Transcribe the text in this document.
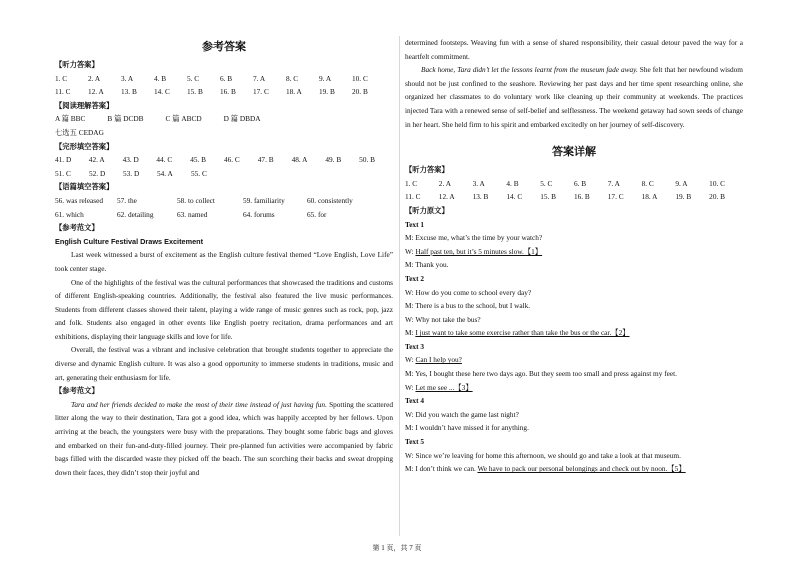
参考答案
【听力答案】
1. C	2. A	3. A	4. B	5. C	6. B	7. A	8. C	9. A	10. C
11. C	12. A	13. B	14. C	15. B	16. B	17. C	18. A	19. B	20. B
【阅读理解答案】
A 篇 BBC	B 篇 DCDB	C 篇 ABCD	D 篇 DBDA
七选五 CEDAG
【完形填空答案】
41. D	42. A	43. D	44. C	45. B	46. C	47. B	48. A	49. B	50. B
51. C	52. D	53. D	54. A	55. C
【语篇填空答案】
56. was released	57. the	58. to collect	59. familiarity	60. consistently
61. which	62. detailing	63. named	64. forums	65. for
【参考范文】
English Culture Festival Draws Excitement

Last week witnessed a burst of excitement as the English culture festival themed “Love English, Love Life” took center stage.

One of the highlights of the festival was the cultural performances that showcased the traditions and customs of different English-speaking countries. Additionally, the festival also featured the live music performances. Students from different classes showed their talent, playing a wide range of music genres such as rock, pop, jazz and folk. Students also engaged in other events like English poetry recitation, drama performances and art exhibitions, displaying their language skills and love for life.

Overall, the festival was a vibrant and inclusive celebration that brought students together to appreciate the diverse and dynamic English culture. It was also a good opportunity to immerse students in traditions, music and art, generating their enthusiasm for life.

【参考范文】

Tara and her friends decided to make the most of their time instead of just having fun. Spotting the scattered litter along the way to their destination, Tara got a good idea, which was happily accepted by her fellows. Upon arriving at the beach, the youngsters were busy with the preparations. They bought some fabric bags and gloves and embarked on their fun-and-duty-filled journey. Their pre-planned fun activities were accompanied by fabric bags filled with the discarded waste they picked off the beach. The sun scorching their backs and sweat dropping down their faces, they didn’t stop their joyful and

determined footsteps. Weaving fun with a sense of shared responsibility, their casual detour paved the way for a heartfelt commitment.

Back home, Tara didn’t let the lessons learnt from the museum fade away. She felt that her newfound wisdom should not be just confined to the seashore. Reviewing her past days and her time spent researching online, she organized her classmates to do voluntary work like cleaning up their community at weekends. The practices injected Tara with a renewed sense of self-belief and selflessness. The weekend getaway had sown seeds of change in her heart. She held firm to his spirit and embarked excitedly on her journey of self-discovery.

答案详解
【听力答案】
1. C	2. A	3. A	4. B	5. C	6. B	7. A	8. C	9. A	10. C
11. C	12. A	13. B	14. C	15. B	16. B	17. C	18. A	19. B	20. B
【听力原文】
Text 1
M: Excuse me, what’s the time by your watch?
W: Half past ten, but it’s 5 minutes slow.【1】
M: Thank you.
Text 2
W: How do you come to school every day?
M: There is a bus to the school, but I walk.
W: Why not take the bus?
M: I just want to take some exercise rather than take the bus or the car.【2】
Text 3
W: Can I help you?
M: Yes, I bought these here two days ago. But they seem too small and press against my feet.
W: Let me see ...【3】
Text 4
W: Did you watch the game last night?
M: I wouldn’t have missed it for anything.
Text 5
W: Since we’re leaving for home this afternoon, we should go and take a look at that museum.
M: I don’t think we can. We have to pack our personal belongings and check out by noon.【5】
第 1 页，共 7 页
